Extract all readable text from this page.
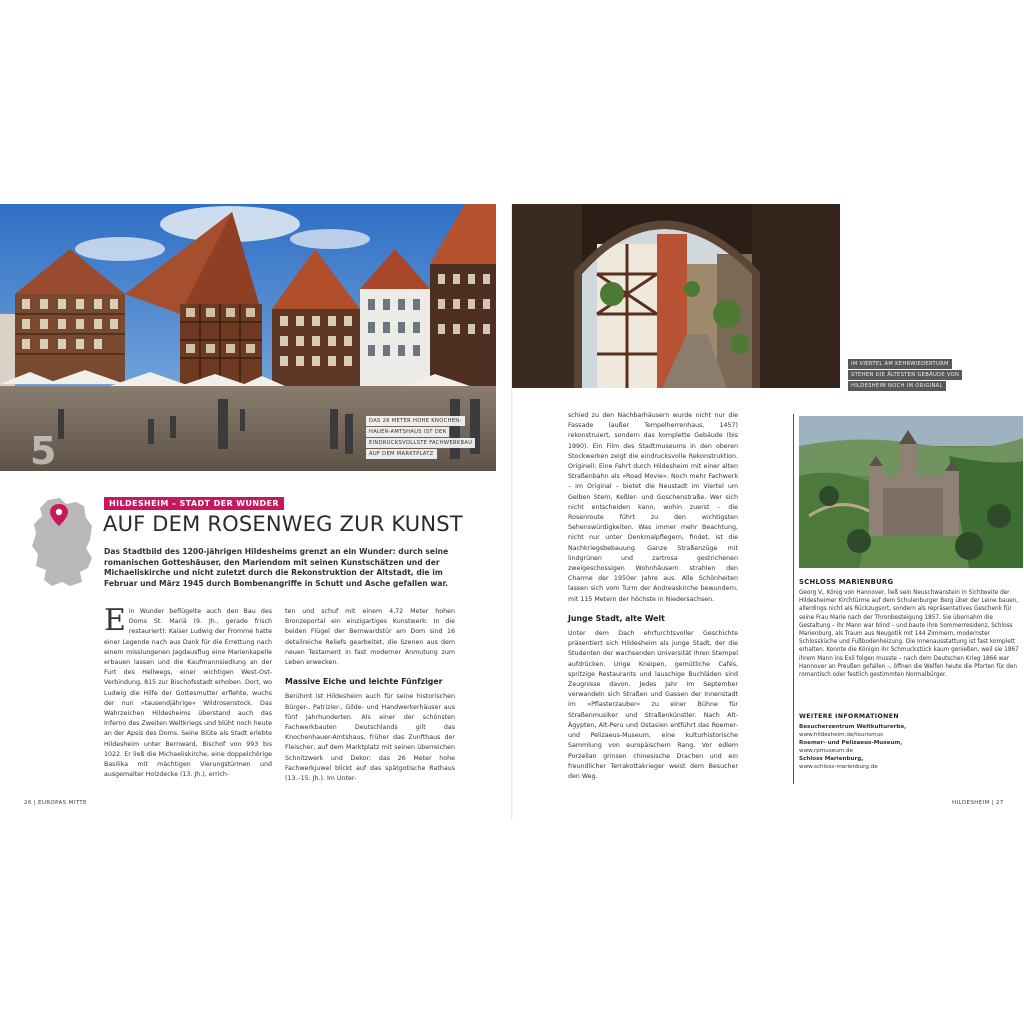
5
DAS 26 METER HOHE KNOCHEN-
HAUER-AMTSHAUS IST DER
EINDRUCKSVOLLSTE FACHWERKBAU
AUF DEM MARKTPLATZ
HILDESHEIM – STADT DER WUNDER
AUF DEM ROSENWEG ZUR KUNST
Das Stadtbild des 1200-jährigen Hildesheims grenzt an ein Wunder: durch seine romanischen Gotteshäuser, den Mariendom mit seinen Kunstschätzen und der Michaeliskirche und nicht zuletzt durch die Rekonstruktion der Altstadt, die im Februar und März 1945 durch Bombenangriffe in Schutt und Asche gefallen war.
E in Wunder beflügelte auch den Bau des Doms St. Mariä (9. Jh., gerade frisch restauriert): Kaiser Ludwig der Fromme hatte einer Legende nach aus Dank für die Errettung nach einem misslungenen Jagdausflug eine Marienkapelle erbauen lassen und die Kaufmannsiedlung an der Furt des Hellwegs, einer wichtigen West-Ost-Verbindung, 815 zur Bischofsstadt erhoben. Dort, wo Ludwig die Hilfe der Gottesmutter erflehte, wuchs der nun »tausendjährige« Wildrosenstock. Das Wahrzeichen Hildesheims überstand auch das Inferno des Zweiten Weltkriegs und blüht noch heute an der Apsis des Doms. Seine Blüte als Stadt erlebte Hildesheim unter Bernward, Bischof von 993 bis 1022. Er ließ die Michaeliskirche, eine doppelchörige Basilika mit mächtigen Vierungstürmen und ausgemalter Holzdecke (13. Jh.), errich-

ten und schuf mit einem 4,72 Meter hohen Bronzeportal ein einzigartiges Kunstwerk: In die beiden Flügel der Bernwardstür am Dom sind 16 detailreiche Reliefs gearbeitet, die Szenen aus dem neuen Testament in fast moderner Anmutung zum Leben erwecken.

Massive Eiche und leichte Fünfziger

Berühmt ist Hildesheim auch für seine historischen Bürger-, Patrizier-, Gilde- und Handwerkerhäuser aus fünf Jahrhunderten. Als einer der schönsten Fachwerkbauten Deutschlands gilt das Knochenhauer-Amtshaus, früher das Zunfthaus der Fleischer, auf dem Marktplatz mit seinen überreichen Schnitzwerk und Dekor; das 26 Meter hohe Fachwerkjuwel blickt auf das spätgotische Rathaus (13.–15. Jh.). Im Unter-

26 | EUROPAS MITTE
IM VIERTEL AM KEHRWIEDERTURM
STEHEN DIE ÄLTESTEN GEBÄUDE VON
HILDESHEIM NOCH IM ORIGINAL

schied zu den Nachbarhäusern wurde nicht nur die Fassade (außer Tempelherrenhaus, 1457) rekonstruiert, sondern das komplette Gebäude (bis 1990). Ein Film des Stadtmuseums in den oberen Stockwerken zeigt die eindrucksvolle Rekonstruktion. Originell: Eine Fahrt durch Hildesheim mit einer alten Straßenbahn als »Road Movie«. Noch mehr Fachwerk – im Original – bietet die Neustadt im Viertel um Gelben Stern, Keßler- und Goschenstraße. Wer sich nicht entscheiden kann, wohin zuerst – die Rosenroute führt zu den wichtigsten Sehenswürdigkeiten. Was immer mehr Beachtung, nicht nur unter Denkmalpflegern, findet, ist die Nachkriegsbebauung. Ganze Straßenzüge mit lindgrünen und zartrosa gestrichenen zweigeschossigen Wohnhäusern strahlen den Charme der 1950er Jahre aus. Alle Schönheiten lassen sich vom Turm der Andreaskirche bewundern, mit 115 Metern der höchste in Niedersachsen.

Junge Stadt, alte Welt

Unter dem Dach ehrfurchtsvoller Geschichte präsentiert sich Hildesheim als junge Stadt, der die Studenten der wachsenden Universität ihren Stempel aufdrücken. Urige Kneipen, gemütliche Cafés, spritzige Restaurants und lauschige Buchläden sind Zeugnisse davon. Jedes Jahr im September verwandeln sich Straßen und Gassen der Innenstadt im »Pflasterzauber« zu einer Bühne für Straßenmusiker und Straßenkünstler. Nach Alt-Ägypten, Alt-Peru und Ostasien entführt das Roemer- und Pelizaeus-Museum, eine kulturhistorische Sammlung von europäischem Rang. Vor edlem Porzellan grinsen chinesische Drachen und ein freundlicher Terrakottakrieger weist dem Besucher den Weg.

SCHLOSS MARIENBURG
Georg V., König von Hannover, ließ sein Neuschwanstein in Sichtweite der Hildesheimer Kirchtürme auf dem Schulenburger Berg über der Leine bauen, allerdings nicht als Rückzugsort, sondern als repräsentatives Geschenk für seine Frau Marie nach der Thronbesteigung 1857. Sie übernahm die Gestaltung – ihr Mann war blind – und baute ihre Sommerresidenz, Schloss Marienburg, als Traum aus Neugotik mit 144 Zimmern, modernster Schlossküche und Fußbodenheizung. Die Innenausstattung ist fast komplett erhalten. Konnte die Königin ihr Schmuckstück kaum genießen, weil sie 1867 ihrem Mann ins Exil folgen musste – nach dem Deutschen Krieg 1866 war Hannover an Preußen gefallen –, öffnen die Welfen heute die Pforten für den romantisch oder festlich gestimmten Normalbürger.
WEITERE INFORMATIONEN
Besucherzentrum Weltkulturerbe,
www.hildesheim.de/tourismus
Roemer- und Pelizaeus-Museum,
www.rpmuseum.de
Schloss Marienburg,
www.schloss-marienburg.de
HILDESHEIM | 27
